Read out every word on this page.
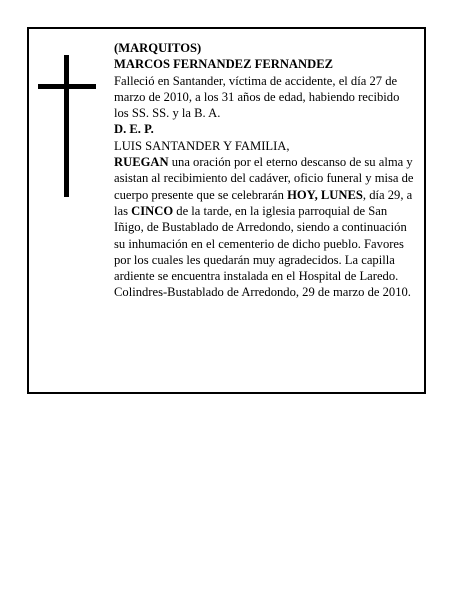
(MARQUITOS)

MARCOS FERNANDEZ FERNANDEZ

Falleció en Santander, víctima de accidente, el día 27 de marzo de 2010, a los 31 años de edad, habiendo recibido los SS. SS. y la B. A.

D. E. P.

LUIS SANTANDER Y FAMILIA,

RUEGAN una oración por el eterno descanso de su alma y asistan al recibimiento del cadáver, oficio funeral y misa de cuerpo presente que se celebrarán HOY, LUNES, día 29, a las CINCO de la tarde, en la iglesia parroquial de San Iñigo, de Bustablado de Arredondo, siendo a continuación su inhumación en el cementerio de dicho pueblo. Favores por los cuales les quedarán muy agradecidos. La capilla ardiente se encuentra instalada en el Hospital de Laredo.

Colindres-Bustablado de Arredondo, 29 de marzo de 2010.
